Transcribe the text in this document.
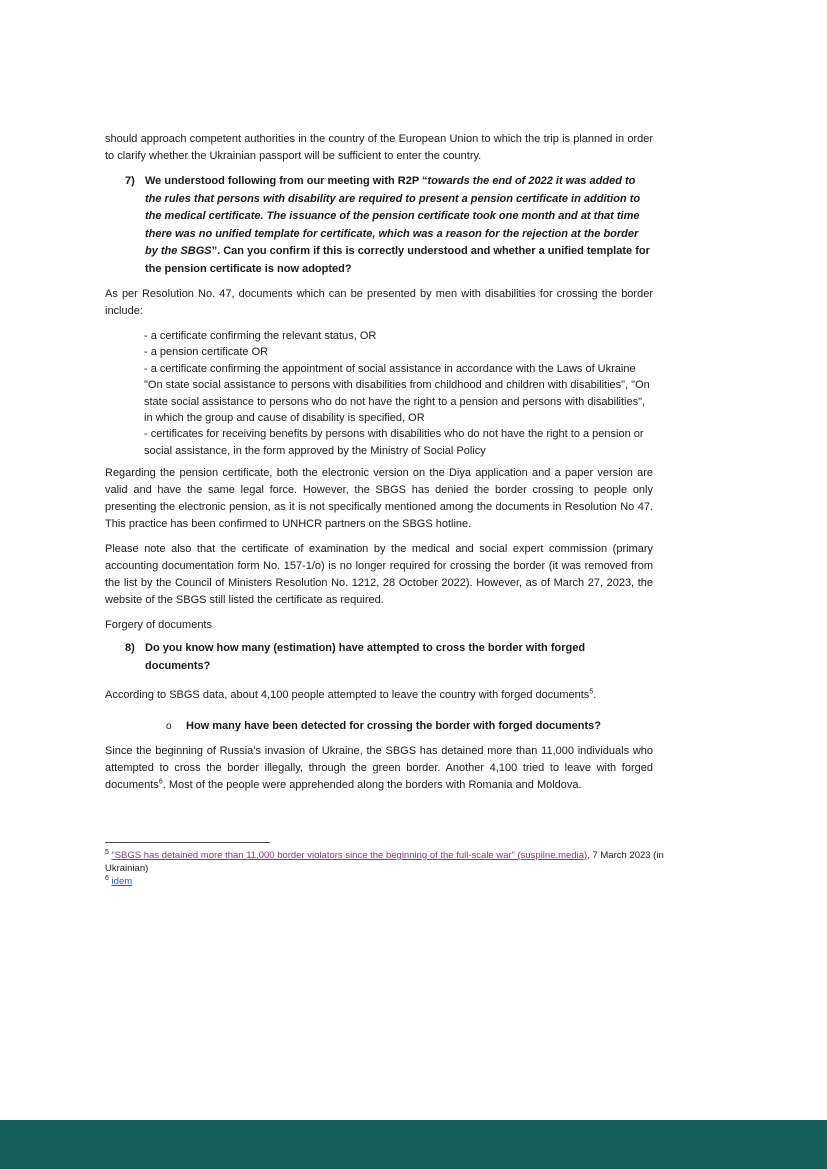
should approach competent authorities in the country of the European Union to which the trip is planned in order to clarify whether the Ukrainian passport will be sufficient to enter the country.

7) We understood following from our meeting with R2P “towards the end of 2022 it was added to the rules that persons with disability are required to present a pension certificate in addition to the medical certificate. The issuance of the pension certificate took one month and at that time there was no unified template for certificate, which was a reason for the rejection at the border by the SBGS”. Can you confirm if this is correctly understood and whether a unified template for the pension certificate is now adopted?

As per Resolution No. 47, documents which can be presented by men with disabilities for crossing the border include:

- a certificate confirming the relevant status, OR
- a pension certificate OR
- a certificate confirming the appointment of social assistance in accordance with the Laws of Ukraine "On state social assistance to persons with disabilities from childhood and children with disabilities", "On state social assistance to persons who do not have the right to a pension and persons with disabilities", in which the group and cause of disability is specified, OR
- certificates for receiving benefits by persons with disabilities who do not have the right to a pension or social assistance, in the form approved by the Ministry of Social Policy

Regarding the pension certificate, both the electronic version on the Diya application and a paper version are valid and have the same legal force. However, the SBGS has denied the border crossing to people only presenting the electronic pension, as it is not specifically mentioned among the documents in Resolution No 47. This practice has been confirmed to UNHCR partners on the SBGS hotline.

Please note also that the certificate of examination by the medical and social expert commission (primary accounting documentation form No. 157-1/o) is no longer required for crossing the border (it was removed from the list by the Council of Ministers Resolution No. 1212, 28 October 2022). However, as of March 27, 2023, the website of the SBGS still listed the certificate as required.

Forgery of documents

8) Do you know how many (estimation) have attempted to cross the border with forged documents?

According to SBGS data, about 4,100 people attempted to leave the country with forged documents$^5$.

o How many have been detected for crossing the border with forged documents?

Since the beginning of Russia’s invasion of Ukraine, the SBGS has detained more than 11,000 individuals who attempted to cross the border illegally, through the green border. Another 4,100 tried to leave with forged documents$^6$. Most of the people were apprehended along the borders with Romania and Moldova.

$^5$ “SBGS has detained more than 11,000 border violators since the beginning of the full-scale war” (suspilne.media), 7 March 2023 (in Ukrainian)
$^6$ idem
